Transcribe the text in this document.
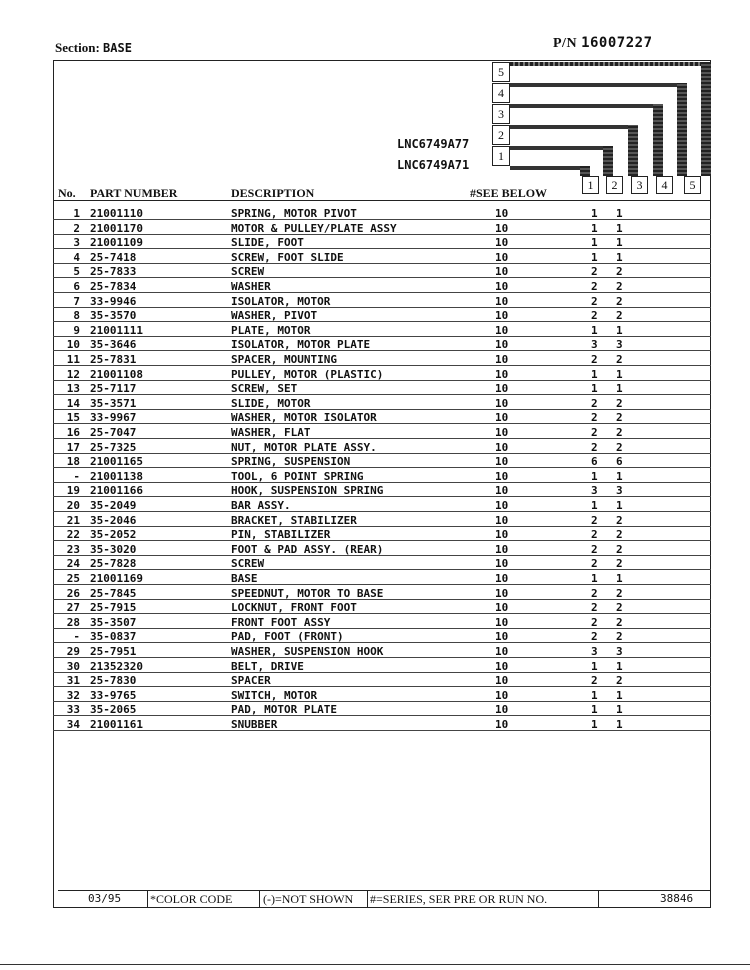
Section: BASE	P/N 16007227
5
4
3
2
1
LNC6749A77
LNC6749A71
1	2	3	4	5
No. PART NUMBER	DESCRIPTION	#SEE BELOW
1 21001110	SPRING, MOTOR PIVOT	10	1 1
2 21001170	MOTOR & PULLEY/PLATE ASSY	10	1 1
3 21001109	SLIDE, FOOT	10	1 1
4 25-7418	SCREW, FOOT SLIDE	10	1 1
5 25-7833	SCREW	10	2 2
6 25-7834	WASHER	10	2 2
7 33-9946	ISOLATOR, MOTOR	10	2 2
8 35-3570	WASHER, PIVOT	10	2 2
9 21001111	PLATE, MOTOR	10	1 1
10 35-3646	ISOLATOR, MOTOR PLATE	10	3 3
11 25-7831	SPACER, MOUNTING	10	2 2
12 21001108	PULLEY, MOTOR (PLASTIC)	10	1 1
13 25-7117	SCREW, SET	10	1 1
14 35-3571	SLIDE, MOTOR	10	2 2
15 33-9967	WASHER, MOTOR ISOLATOR	10	2 2
16 25-7047	WASHER, FLAT	10	2 2
17 25-7325	NUT, MOTOR PLATE ASSY.	10	2 2
18 21001165	SPRING, SUSPENSION	10	6 6
- 21001138	TOOL, 6 POINT SPRING	10	1 1
19 21001166	HOOK, SUSPENSION SPRING	10	3 3
20 35-2049	BAR ASSY.	10	1 1
21 35-2046	BRACKET, STABILIZER	10	2 2
22 35-2052	PIN, STABILIZER	10	2 2
23 35-3020	FOOT & PAD ASSY. (REAR)	10	2 2
24 25-7828	SCREW	10	2 2
25 21001169	BASE	10	1 1
26 25-7845	SPEEDNUT, MOTOR TO BASE	10	2 2
27 25-7915	LOCKNUT, FRONT FOOT	10	2 2
28 35-3507	FRONT FOOT ASSY	10	2 2
- 35-0837	PAD, FOOT (FRONT)	10	2 2
29 25-7951	WASHER, SUSPENSION HOOK	10	3 3
30 21352320	BELT, DRIVE	10	1 1
31 25-7830	SPACER	10	2 2
32 33-9765	SWITCH, MOTOR	10	1 1
33 35-2065	PAD, MOTOR PLATE	10	1 1
34 21001161	SNUBBER	10	1 1
03/95 *COLOR CODE	(-)=NOT SHOWN #=SERIES, SER PRE OR RUN NO.	38846
